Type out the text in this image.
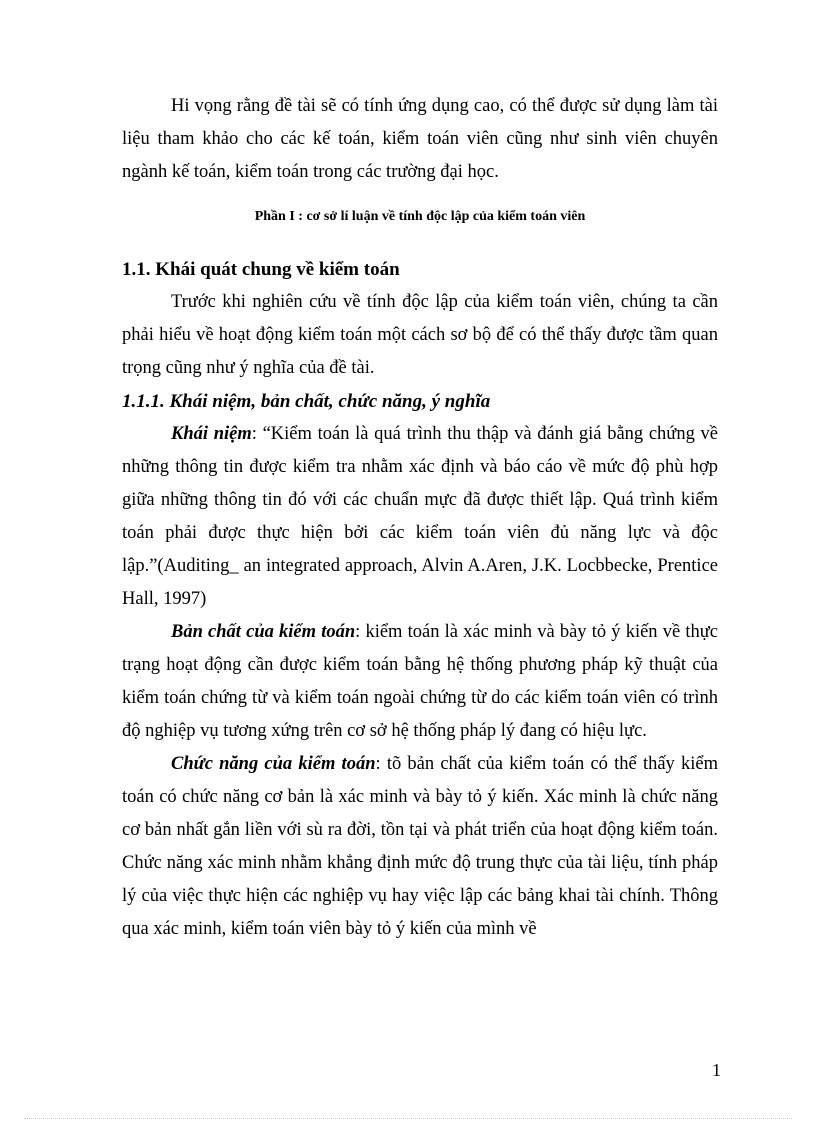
Hi vọng rằng đề tài sẽ có tính ứng dụng cao, có thể được sử dụng làm tài liệu tham khảo cho các kế toán, kiểm toán viên cũng như sinh viên chuyên ngành kế toán, kiểm toán trong các trường đại học.

Phần I : cơ sở lí luận về tính độc lập của kiểm toán viên
1.1. Khái quát chung về kiểm toán

Trước khi nghiên cứu về tính độc lập của kiểm toán viên, chúng ta cần phải hiểu về hoạt động kiểm toán một cách sơ bộ để có thể thấy được tầm quan trọng cũng như ý nghĩa của đề tài.

1.1.1. Khái niệm, bản chất, chức năng, ý nghĩa

Khái niệm: “Kiểm toán là quá trình thu thập và đánh giá bằng chứng về những thông tin được kiểm tra nhằm xác định và báo cáo về mức độ phù hợp giữa những thông tin đó với các chuẩn mực đã được thiết lập. Quá trình kiểm toán phải được thực hiện bởi các kiểm toán viên đủ năng lực và độc lập.”(Auditing_ an integrated approach, Alvin A.Aren, J.K. Locbbecke, Prentice Hall, 1997)

Bản chất của kiểm toán: kiểm toán là xác minh và bày tỏ ý kiến về thực trạng hoạt động cần được kiểm toán bằng hệ thống phương pháp kỹ thuật của kiểm toán chứng từ và kiểm toán ngoài chứng từ do các kiểm toán viên có trình độ nghiệp vụ tương xứng trên cơ sở hệ thống pháp lý đang có hiệu lực.

Chức năng của kiểm toán: tõ bản chất của kiểm toán có thể thấy kiểm toán có chức năng cơ bản là xác minh và bày tỏ ý kiến. Xác minh là chức năng cơ bản nhất gắn liền với sù ra đời, tồn tại và phát triển của hoạt động kiểm toán. Chức năng xác minh nhằm khẳng định mức độ trung thực của tài liệu, tính pháp lý của việc thực hiện các nghiệp vụ hay việc lập các bảng khai tài chính. Thông qua xác minh, kiểm toán viên bày tỏ ý kiến của mình về

1
